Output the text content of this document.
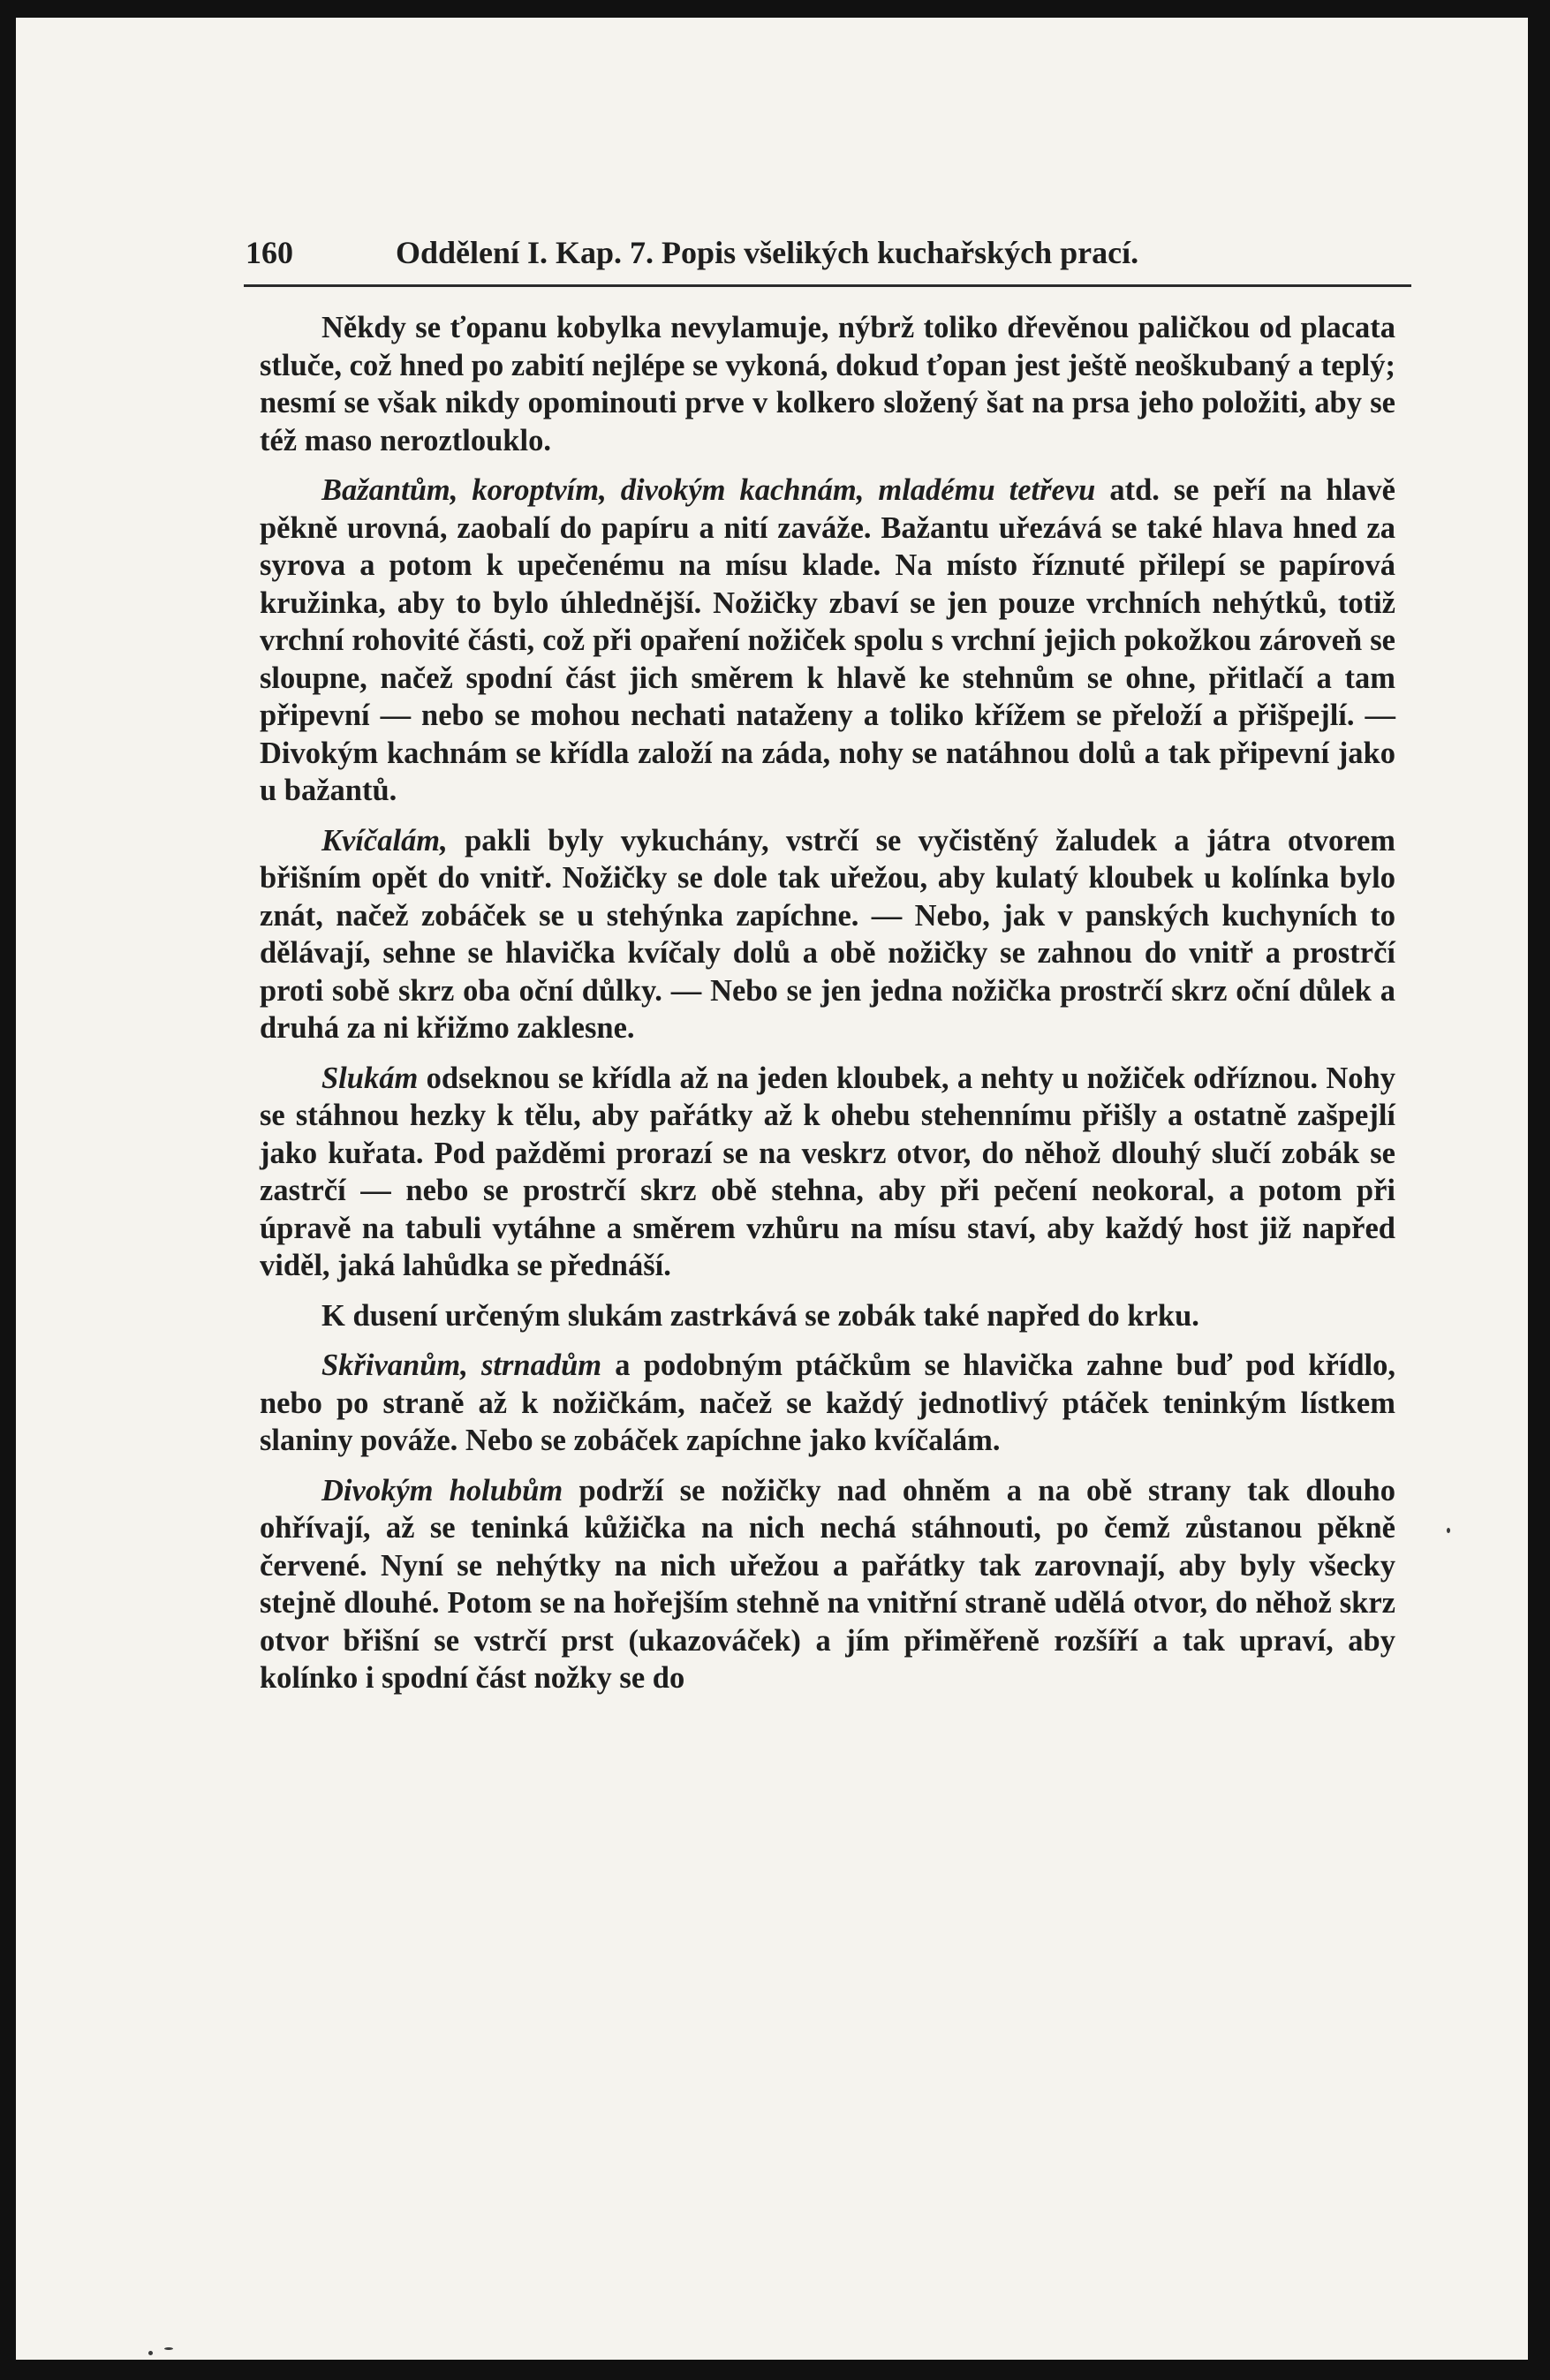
160	Oddělení I. Kap. 7. Popis všelikých kuchařských prací.

Někdy se ťopanu kobylka nevylamuje, nýbrž toliko dřevěnou paličkou od placata stluče, což hned po zabití nejlépe se vykoná, dokud ťopan jest ještě neoškubaný a teplý; nesmí se však nikdy opominouti prve v kolkero složený šat na prsa jeho položiti, aby se též maso neroztlouklo.

Bažantům, koroptvím, divokým kachnám, mladému tetřevu atd. se peří na hlavě pěkně urovná, zaobalí do papíru a nití zaváže. Bažantu uřezává se také hlava hned za syrova a potom k upečenému na mísu klade. Na místo říznuté přilepí se papírová kružinka, aby to bylo úhlednější. Nožičky zbaví se jen pouze vrchních nehýtků, totiž vrchní rohovité části, což při opaření nožiček spolu s vrchní jejich pokožkou zároveň se sloupne, načež spodní část jich směrem k hlavě ke stehnům se ohne, přitlačí a tam připevní — nebo se mohou nechati nataženy a toliko křížem se přeloží a přišpejlí. — Divokým kachnám se křídla založí na záda, nohy se natáhnou dolů a tak připevní jako u bažantů.

Kvíčalám, pakli byly vykuchány, vstrčí se vyčistěný žaludek a játra otvorem břišním opět do vnitř. Nožičky se dole tak uřežou, aby kulatý kloubek u kolínka bylo znát, načež zobáček se u stehýnka zapíchne. — Nebo, jak v panských kuchyních to dělávají, sehne se hlavička kvíčaly dolů a obě nožičky se zahnou do vnitř a prostrčí proti sobě skrz oba oční důlky. — Nebo se jen jedna nožička prostrčí skrz oční důlek a druhá za ni křižmo zaklesne.

Slukám odseknou se křídla až na jeden kloubek, a nehty u nožiček odříznou. Nohy se stáhnou hezky k tělu, aby pařátky až k ohebu stehennímu přišly a ostatně zašpejlí jako kuřata. Pod pažděmi prorazí se na veskrz otvor, do něhož dlouhý slučí zobák se zastrčí — nebo se prostrčí skrz obě stehna, aby při pečení neokoral, a potom při úpravě na tabuli vytáhne a směrem vzhůru na mísu staví, aby každý host již napřed viděl, jaká lahůdka se přednáší.

K dusení určeným slukám zastrkává se zobák také napřed do krku.

Skřivanům, strnadům a podobným ptáčkům se hlavička zahne buď pod křídlo, nebo po straně až k nožičkám, načež se každý jednotlivý ptáček teninkým lístkem slaniny pováže. Nebo se zobáček zapíchne jako kvíčalám.

Divokým holubům podrží se nožičky nad ohněm a na obě strany tak dlouho ohřívají, až se teninká kůžička na nich nechá stáhnouti, po čemž zůstanou pěkně červené. Nyní se nehýtky na nich uřežou a pařátky tak zarovnají, aby byly všecky stejně dlouhé. Potom se na hořejším stehně na vnitřní straně udělá otvor, do něhož skrz otvor břišní se vstrčí prst (ukazováček) a jím přiměřeně rozšíří a tak upraví, aby kolínko i spodní část nožky se do
